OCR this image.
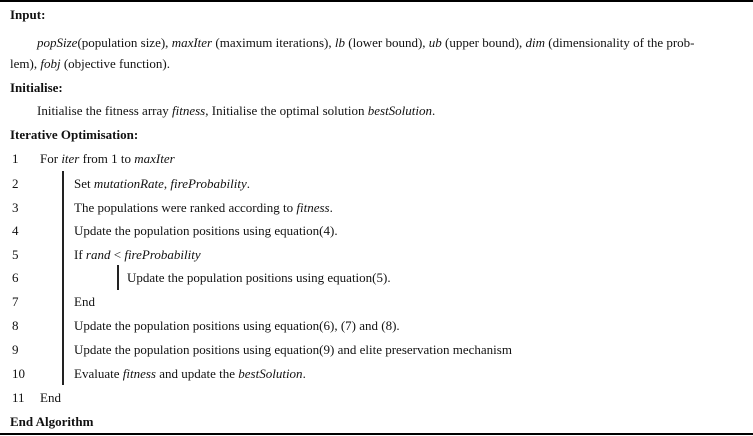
Input:
popSize(population size), maxIter (maximum iterations), lb (lower bound), ub (upper bound), dim (dimensionality of the prob-
lem), fobj (objective function).
Initialise:
Initialise the fitness array fitness, Initialise the optimal solution bestSolution.
Iterative Optimisation:
1 For iter from 1 to maxIter
2	Set mutationRate, fireProbability.
3	The populations were ranked according to fitness.
4	Update the population positions using equation(4).
5	If rand < fireProbability
6	Update the population positions using equation(5).
7	End
8	Update the population positions using equation(6), (7) and (8).
9	Update the population positions using equation(9) and elite preservation mechanism
10	Evaluate fitness and update the bestSolution.
11 End
End Algorithm
